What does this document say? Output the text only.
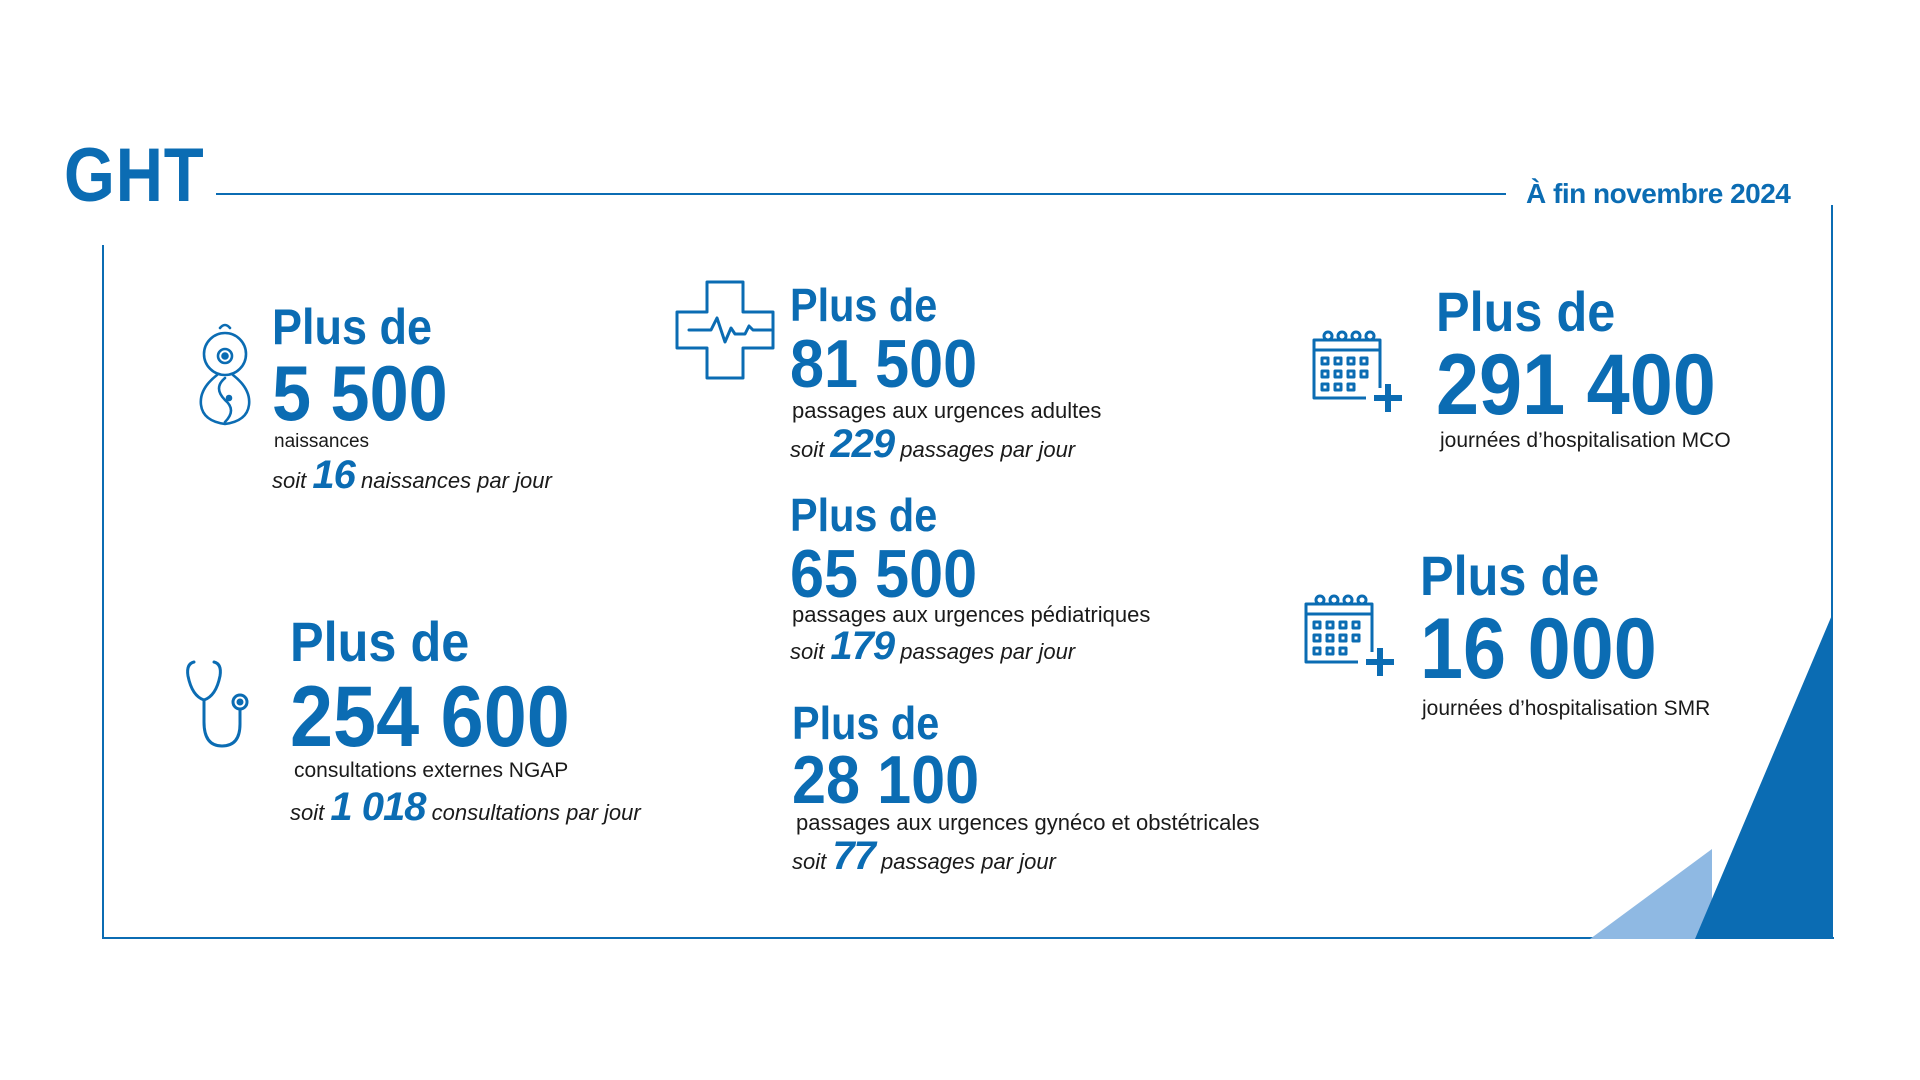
GHT	À fin novembre 2024
Plus de
5 500
naissances
soit 16 naissances par jour
Plus de
254 600
consultations externes NGAP
soit 1 018 consultations par jour
Plus de
81 500
passages aux urgences adultes
soit 229 passages par jour
Plus de
65 500
passages aux urgences pédiatriques
soit 179 passages par jour
Plus de
28 100
passages aux urgences gynéco et obstétricales
soit 77 passages par jour
Plus de
291 400
journées d’hospitalisation MCO
Plus de
16 000
journées d’hospitalisation SMR
